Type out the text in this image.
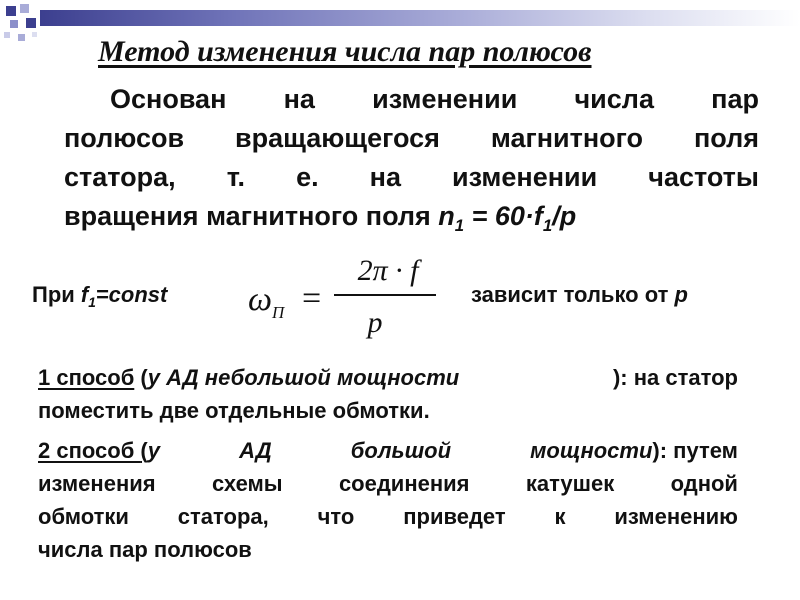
Метод изменения числа пар полюсов
Основан на изменении числа пар
полюсов вращающегося магнитного поля
статора, т. е. на изменении частоты
вращения магнитного поля $n_1 = 60\cdot f_1/p$
При $f_1=const$ $\omega_П$ =
2π · f
p
зависит только от p
1 способ (у АД небольшой мощности	): на статор
поместить две отдельные обмотки.
2 способ (у	АД	большой	мощности): путем
изменения	схемы	соединения	катушек	одной
обмотки статора, что приведет к изменению
числа пар полюсов
